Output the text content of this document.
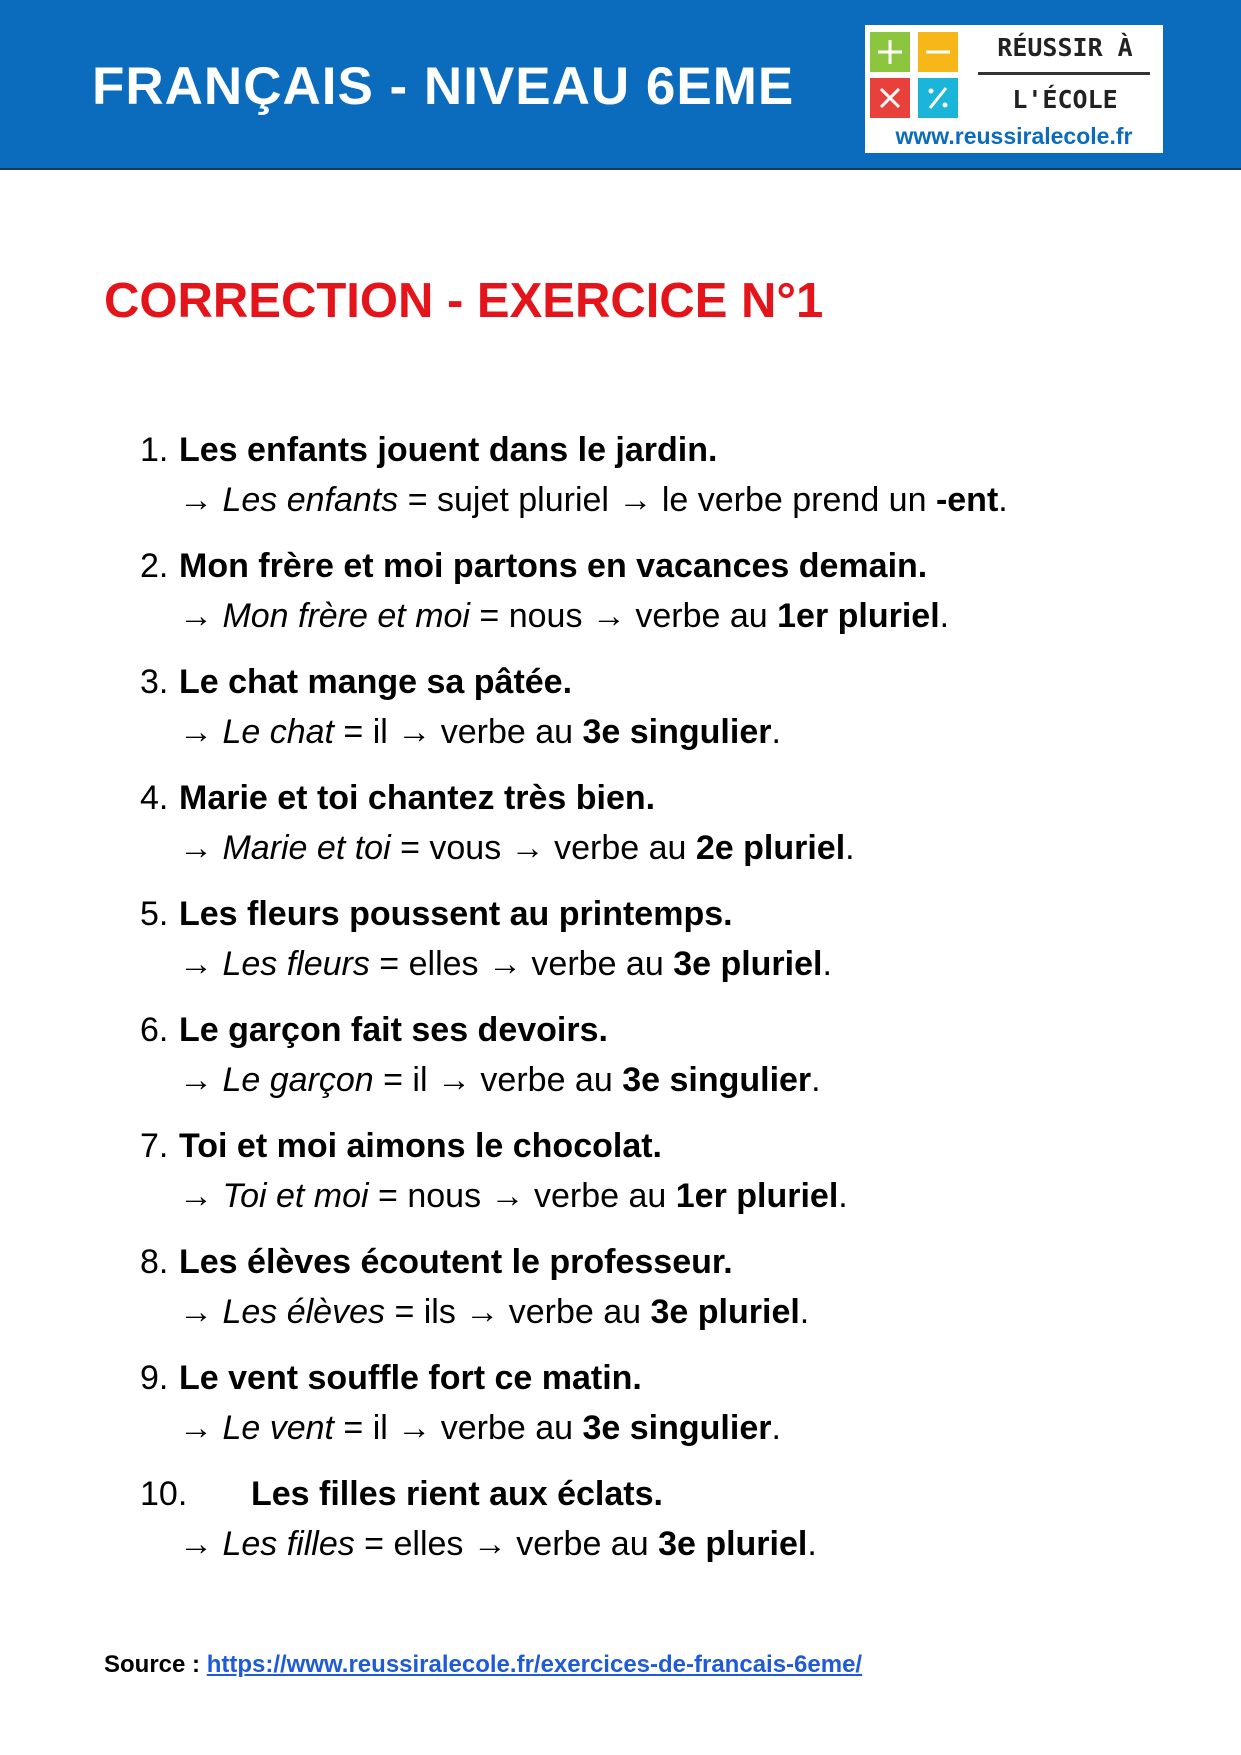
FRANÇAIS - NIVEAU 6EME
RÉUSSIR À
L'ÉCOLE
www.reussiralecole.fr
CORRECTION - EXERCICE N°1
1. Les enfants jouent dans le jardin.
→ Les enfants = sujet pluriel → le verbe prend un -ent.
2. Mon frère et moi partons en vacances demain.
→ Mon frère et moi = nous → verbe au 1er pluriel.
3. Le chat mange sa pâtée.
→ Le chat = il → verbe au 3e singulier.
4. Marie et toi chantez très bien.
→ Marie et toi = vous → verbe au 2e pluriel.
5. Les fleurs poussent au printemps.
→ Les fleurs = elles → verbe au 3e pluriel.
6. Le garçon fait ses devoirs.
→ Le garçon = il → verbe au 3e singulier.
7. Toi et moi aimons le chocolat.
→ Toi et moi = nous → verbe au 1er pluriel.
8. Les élèves écoutent le professeur.
→ Les élèves = ils → verbe au 3e pluriel.
9. Le vent souffle fort ce matin.
→ Le vent = il → verbe au 3e singulier.
10. Les filles rient aux éclats.
→ Les filles = elles → verbe au 3e pluriel.
Source : https://www.reussiralecole.fr/exercices-de-francais-6eme/
